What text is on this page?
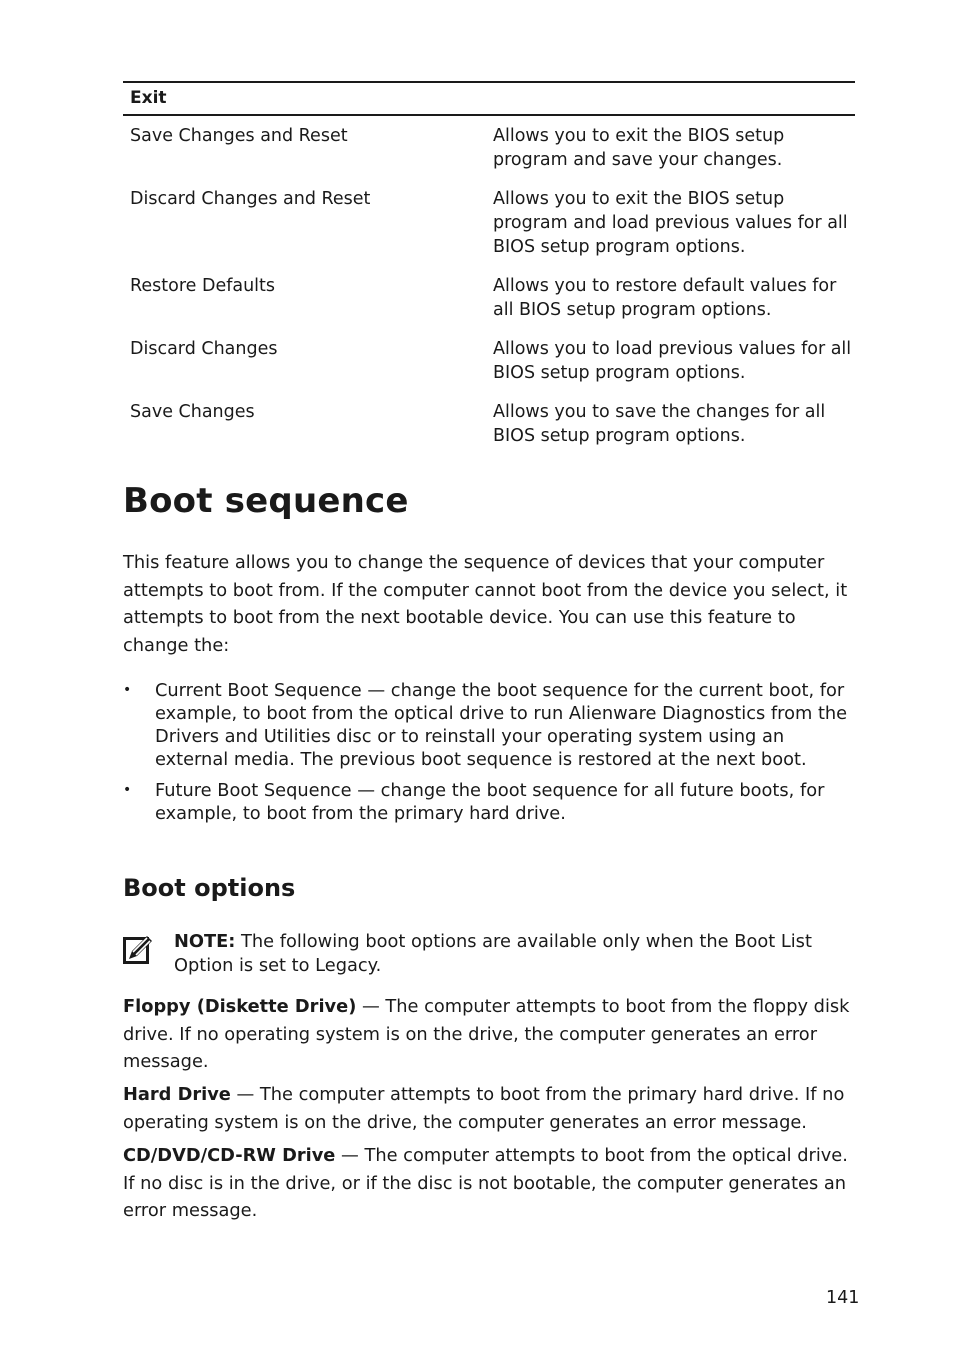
Exit
Save Changes and Reset	Allows you to exit the BIOS setup program and save your changes.
Discard Changes and Reset	Allows you to exit the BIOS setup program and load previous values for all BIOS setup program options.
Restore Defaults	Allows you to restore default values for all BIOS setup program options.
Discard Changes	Allows you to load previous values for all BIOS setup program options.
Save Changes	Allows you to save the changes for all BIOS setup program options.
Boot sequence

This feature allows you to change the sequence of devices that your computer attempts to boot from. If the computer cannot boot from the device you select, it attempts to boot from the next bootable device. You can use this feature to change the:

• Current Boot Sequence — change the boot sequence for the current boot, for example, to boot from the optical drive to run Alienware Diagnostics from the Drivers and Utilities disc or to reinstall your operating system using an external media. The previous boot sequence is restored at the next boot.
• Future Boot Sequence — change the boot sequence for all future boots, for example, to boot from the primary hard drive.
Boot options
NOTE: The following boot options are available only when the Boot List Option is set to Legacy.

Floppy (Diskette Drive) — The computer attempts to boot from the floppy disk drive. If no operating system is on the drive, the computer generates an error message.

Hard Drive — The computer attempts to boot from the primary hard drive. If no operating system is on the drive, the computer generates an error message.

CD/DVD/CD-RW Drive — The computer attempts to boot from the optical drive. If no disc is in the drive, or if the disc is not bootable, the computer generates an error message.

141
